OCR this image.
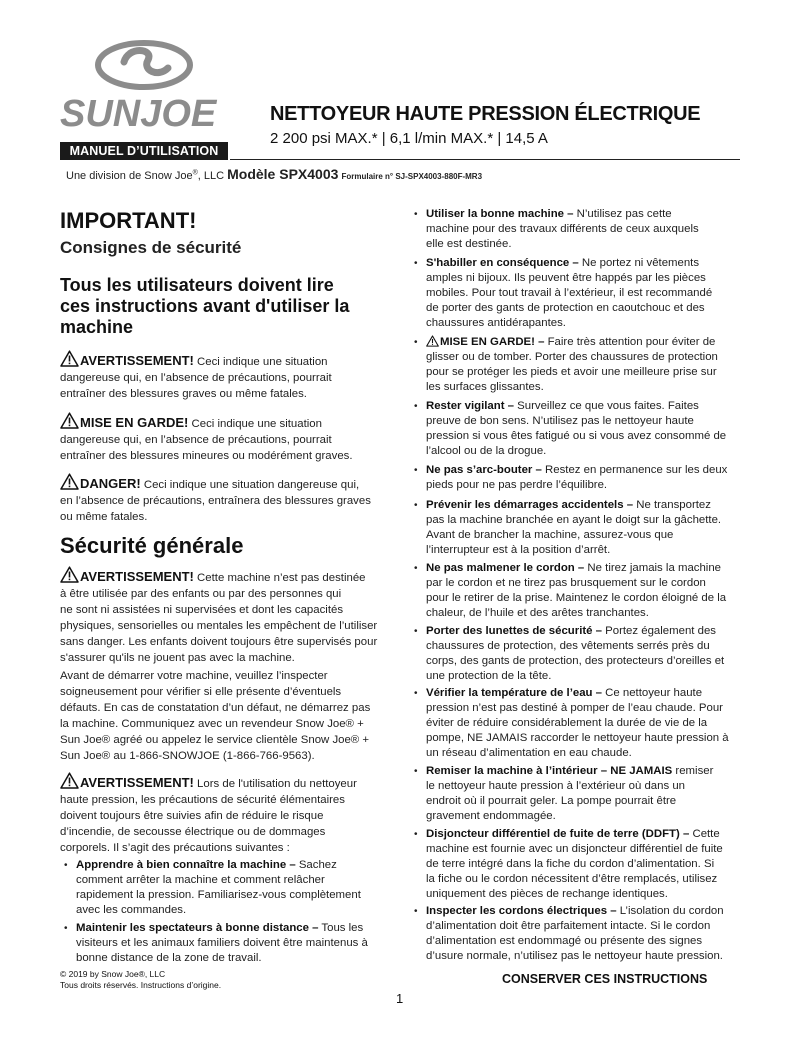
SUNJOE
MANUEL D’UTILISATION
NETTOYEUR HAUTE PRESSION ÉLECTRIQUE
2 200 psi MAX.* | 6,1 l/min MAX.* | 14,5 A
Une division de Snow Joe®, LLC Modèle SPX4003 Formulaire n° SJ-SPX4003-880F-MR3
IMPORTANT!
Consignes de sécurité
Tous les utilisateurs doivent lire
ces instructions avant d'utiliser la
machine
AVERTISSEMENT! Ceci indique une situation
dangereuse qui, en l’absence de précautions, pourrait
entraîner des blessures graves ou même fatales.
MISE EN GARDE! Ceci indique une situation
dangereuse qui, en l’absence de précautions, pourrait
entraîner des blessures mineures ou modérément graves.
DANGER! Ceci indique une situation dangereuse qui,
en l’absence de précautions, entraînera des blessures graves
ou même fatales.
Sécurité générale
AVERTISSEMENT! Cette machine n’est pas destinée
à être utilisée par des enfants ou par des personnes qui
ne sont ni assistées ni supervisées et dont les capacités
physiques, sensorielles ou mentales les empêchent de l’utiliser
sans danger. Les enfants doivent toujours être supervisés pour
s'assurer qu'ils ne jouent pas avec la machine.
Avant de démarrer votre machine, veuillez l’inspecter
soigneusement pour vérifier si elle présente d’éventuels
défauts. En cas de constatation d’un défaut, ne démarrez pas
la machine. Communiquez avec un revendeur Snow Joe® +
Sun Joe® agréé ou appelez le service clientèle Snow Joe® +
Sun Joe® au 1-866-SNOWJOE (1-866-766-9563).
AVERTISSEMENT! Lors de l'utilisation du nettoyeur
haute pression, les précautions de sécurité élémentaires
doivent toujours être suivies afin de réduire le risque
d’incendie, de secousse électrique ou de dommages
corporels. Il s’agit des précautions suivantes :
• Apprendre à bien connaître la machine – Sachez
comment arrêter la machine et comment relâcher
rapidement la pression. Familiarisez-vous complètement
avec les commandes.
• Maintenir les spectateurs à bonne distance – Tous les
visiteurs et les animaux familiers doivent être maintenus à
bonne distance de la zone de travail.
• Utiliser la bonne machine – N’utilisez pas cette
machine pour des travaux différents de ceux auxquels
elle est destinée.
• S'habiller en conséquence – Ne portez ni vêtements
amples ni bijoux. Ils peuvent être happés par les pièces
mobiles. Pour tout travail à l’extérieur, il est recommandé
de porter des gants de protection en caoutchouc et des
chaussures antidérapantes.
•	MISE EN GARDE! – Faire très attention pour éviter de
glisser ou de tomber. Porter des chaussures de protection
pour se protéger les pieds et avoir une meilleure prise sur
les surfaces glissantes.
• Rester vigilant – Surveillez ce que vous faites. Faites
preuve de bon sens. N’utilisez pas le nettoyeur haute
pression si vous êtes fatigué ou si vous avez consommé de
l’alcool ou de la drogue.
• Ne pas s’arc-bouter – Restez en permanence sur les deux
pieds pour ne pas perdre l’équilibre.
• Prévenir les démarrages accidentels – Ne transportez
pas la machine branchée en ayant le doigt sur la gâchette.
Avant de brancher la machine, assurez-vous que
l’interrupteur est à la position d’arrêt.
• Ne pas malmener le cordon – Ne tirez jamais la machine
par le cordon et ne tirez pas brusquement sur le cordon
pour le retirer de la prise. Maintenez le cordon éloigné de la
chaleur, de l’huile et des arêtes tranchantes.
• Porter des lunettes de sécurité – Portez également des
chaussures de protection, des vêtements serrés près du
corps, des gants de protection, des protecteurs d’oreilles et
une protection de la tête.
• Vérifier la température de l’eau – Ce nettoyeur haute
pression n’est pas destiné à pomper de l’eau chaude. Pour
éviter de réduire considérablement la durée de vie de la
pompe, NE JAMAIS raccorder le nettoyeur haute pression à
un réseau d’alimentation en eau chaude.
• Remiser la machine à l’intérieur – NE JAMAIS remiser
le nettoyeur haute pression à l’extérieur où dans un
endroit où il pourrait geler. La pompe pourrait être
gravement endommagée.
• Disjoncteur différentiel de fuite de terre (DDFT) – Cette
machine est fournie avec un disjoncteur différentiel de fuite
de terre intégré dans la fiche du cordon d’alimentation. Si
la fiche ou le cordon nécessitent d’être remplacés, utilisez
uniquement des pièces de rechange identiques.
• Inspecter les cordons électriques – L’isolation du cordon
d’alimentation doit être parfaitement intacte. Si le cordon
d’alimentation est endommagé ou présente des signes
d’usure normale, n’utilisez pas le nettoyeur haute pression.
© 2019 by Snow Joe®, LLC
Tous droits réservés. Instructions d’origine.	CONSERVER CES INSTRUCTIONS
1
